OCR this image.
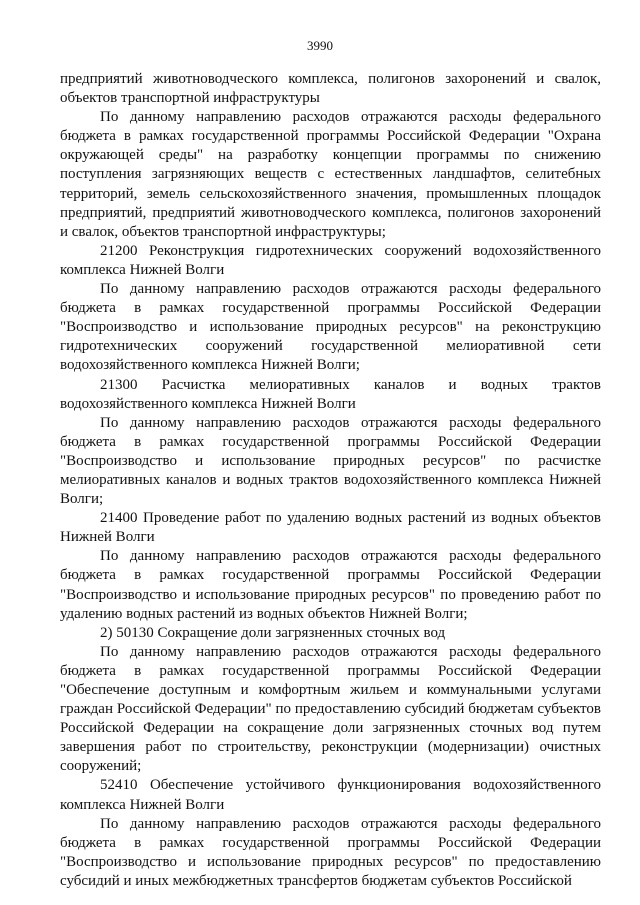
3990

предприятий животноводческого комплекса, полигонов захоронений и свалок, объектов транспортной инфраструктуры

По данному направлению расходов отражаются расходы федерального бюджета в рамках государственной программы Российской Федерации "Охрана окружающей среды" на разработку концепции программы по снижению поступления загрязняющих веществ с естественных ландшафтов, селитебных территорий, земель сельскохозяйственного значения, промышленных площадок предприятий, предприятий животноводческого комплекса, полигонов захоронений и свалок, объектов транспортной инфраструктуры;

21200 Реконструкция гидротехнических сооружений водохозяйственного комплекса Нижней Волги

По данному направлению расходов отражаются расходы федерального бюджета в рамках государственной программы Российской Федерации "Воспроизводство и использование природных ресурсов" на реконструкцию гидротехнических сооружений государственной мелиоративной сети водохозяйственного комплекса Нижней Волги;

21300 Расчистка мелиоративных каналов и водных трактов водохозяйственного комплекса Нижней Волги

По данному направлению расходов отражаются расходы федерального бюджета в рамках государственной программы Российской Федерации "Воспроизводство и использование природных ресурсов" по расчистке мелиоративных каналов и водных трактов водохозяйственного комплекса Нижней Волги;

21400 Проведение работ по удалению водных растений из водных объектов Нижней Волги

По данному направлению расходов отражаются расходы федерального бюджета в рамках государственной программы Российской Федерации "Воспроизводство и использование природных ресурсов" по проведению работ по удалению водных растений из водных объектов Нижней Волги;

2) 50130 Сокращение доли загрязненных сточных вод

По данному направлению расходов отражаются расходы федерального бюджета в рамках государственной программы Российской Федерации "Обеспечение доступным и комфортным жильем и коммунальными услугами граждан Российской Федерации" по предоставлению субсидий бюджетам субъектов Российской Федерации на сокращение доли загрязненных сточных вод путем завершения работ по строительству, реконструкции (модернизации) очистных сооружений;

52410 Обеспечение устойчивого функционирования водохозяйственного комплекса Нижней Волги

По данному направлению расходов отражаются расходы федерального бюджета в рамках государственной программы Российской Федерации "Воспроизводство и использование природных ресурсов" по предоставлению субсидий и иных межбюджетных трансфертов бюджетам субъектов Российской
